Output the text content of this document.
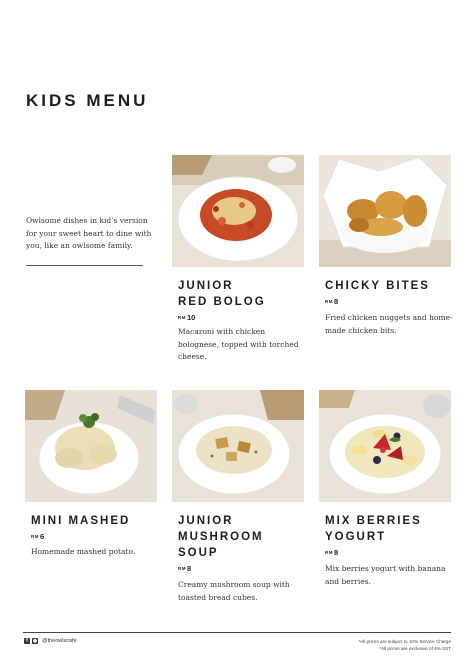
KIDS MENU
Owlsome dishes in kid’s version for your sweet heart to dine with you, like an owlsome family.
JUNIOR
RED BOLOG
RM10
Macaroni with chicken bolognese, topped with torched cheese.
CHICKY BITES
RM8
Fried chicken nuggets and home-made chicken bits.
MINI MASHED
RM6
Homemade mashed potato.
JUNIOR
MUSHROOM
SOUP
RM8
Creamy mushroom soup with toasted bread cubes.
MIX BERRIES
YOGURT
RM8
Mix berries yogurt with banana and berries.
f ◉ @theowlscafe	*All prices are subject to 10% Service Charge
*All prices are exclusive of 6% SST
